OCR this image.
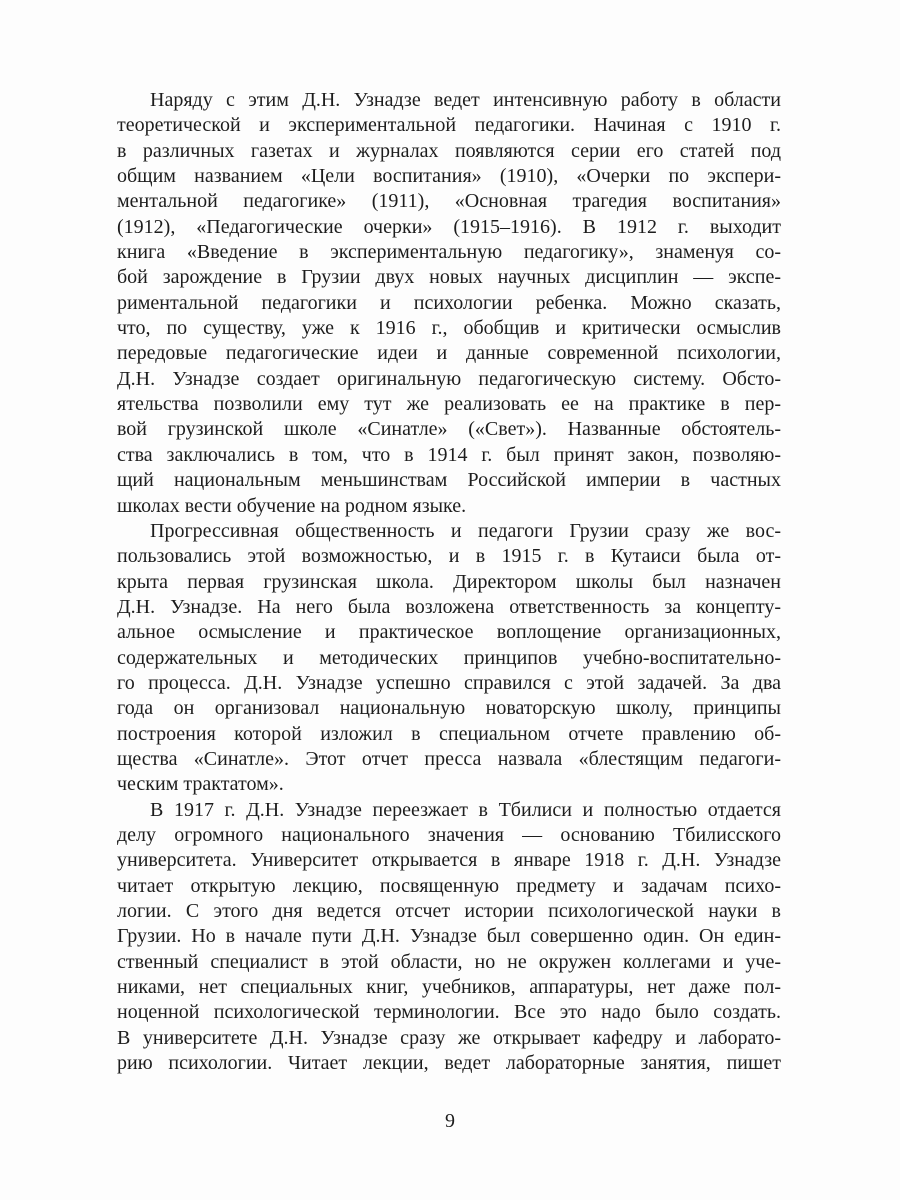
Наряду с этим Д.Н. Узнадзе ведет интенсивную работу в области
теоретической и экспериментальной педагогики. Начиная с 1910 г.
в различных газетах и журналах появляются серии его статей под
общим названием «Цели воспитания» (1910), «Очерки по экспери-
ментальной педагогике» (1911), «Основная трагедия воспитания»
(1912), «Педагогические очерки» (1915–1916). В 1912 г. выходит
книга «Введение в экспериментальную педагогику», знаменуя со-
бой зарождение в Грузии двух новых научных дисциплин — экспе-
риментальной педагогики и психологии ребенка. Можно сказать,
что, по существу, уже к 1916 г., обобщив и критически осмыслив
передовые педагогические идеи и данные современной психологии,
Д.Н. Узнадзе создает оригинальную педагогическую систему. Обсто-
ятельства позволили ему тут же реализовать ее на практике в пер-
вой грузинской школе «Синатле» («Свет»). Названные обстоятель-
ства заключались в том, что в 1914 г. был принят закон, позволяю-
щий национальным меньшинствам Российской империи в частных
школах вести обучение на родном языке.

Прогрессивная общественность и педагоги Грузии сразу же вос-
пользовались этой возможностью, и в 1915 г. в Кутаиси была от-
крыта первая грузинская школа. Директором школы был назначен
Д.Н. Узнадзе. На него была возложена ответственность за концепту-
альное осмысление и практическое воплощение организационных,
содержательных и методических принципов учебно-воспитательно-
го процесса. Д.Н. Узнадзе успешно справился с этой задачей. За два
года он организовал национальную новаторскую школу, принципы
построения которой изложил в специальном отчете правлению об-
щества «Синатле». Этот отчет пресса назвала «блестящим педагоги-
ческим трактатом».

В 1917 г. Д.Н. Узнадзе переезжает в Тбилиси и полностью отдается
делу огромного национального значения — основанию Тбилисского
университета. Университет открывается в январе 1918 г. Д.Н. Узнадзе
читает открытую лекцию, посвященную предмету и задачам психо-
логии. С этого дня ведется отсчет истории психологической науки в
Грузии. Но в начале пути Д.Н. Узнадзе был совершенно один. Он един-
ственный специалист в этой области, но не окружен коллегами и уче-
никами, нет специальных книг, учебников, аппаратуры, нет даже пол-
ноценной психологической терминологии. Все это надо было создать.
В университете Д.Н. Узнадзе сразу же открывает кафедру и лаборато-
рию психологии. Читает лекции, ведет лабораторные занятия, пишет

9
